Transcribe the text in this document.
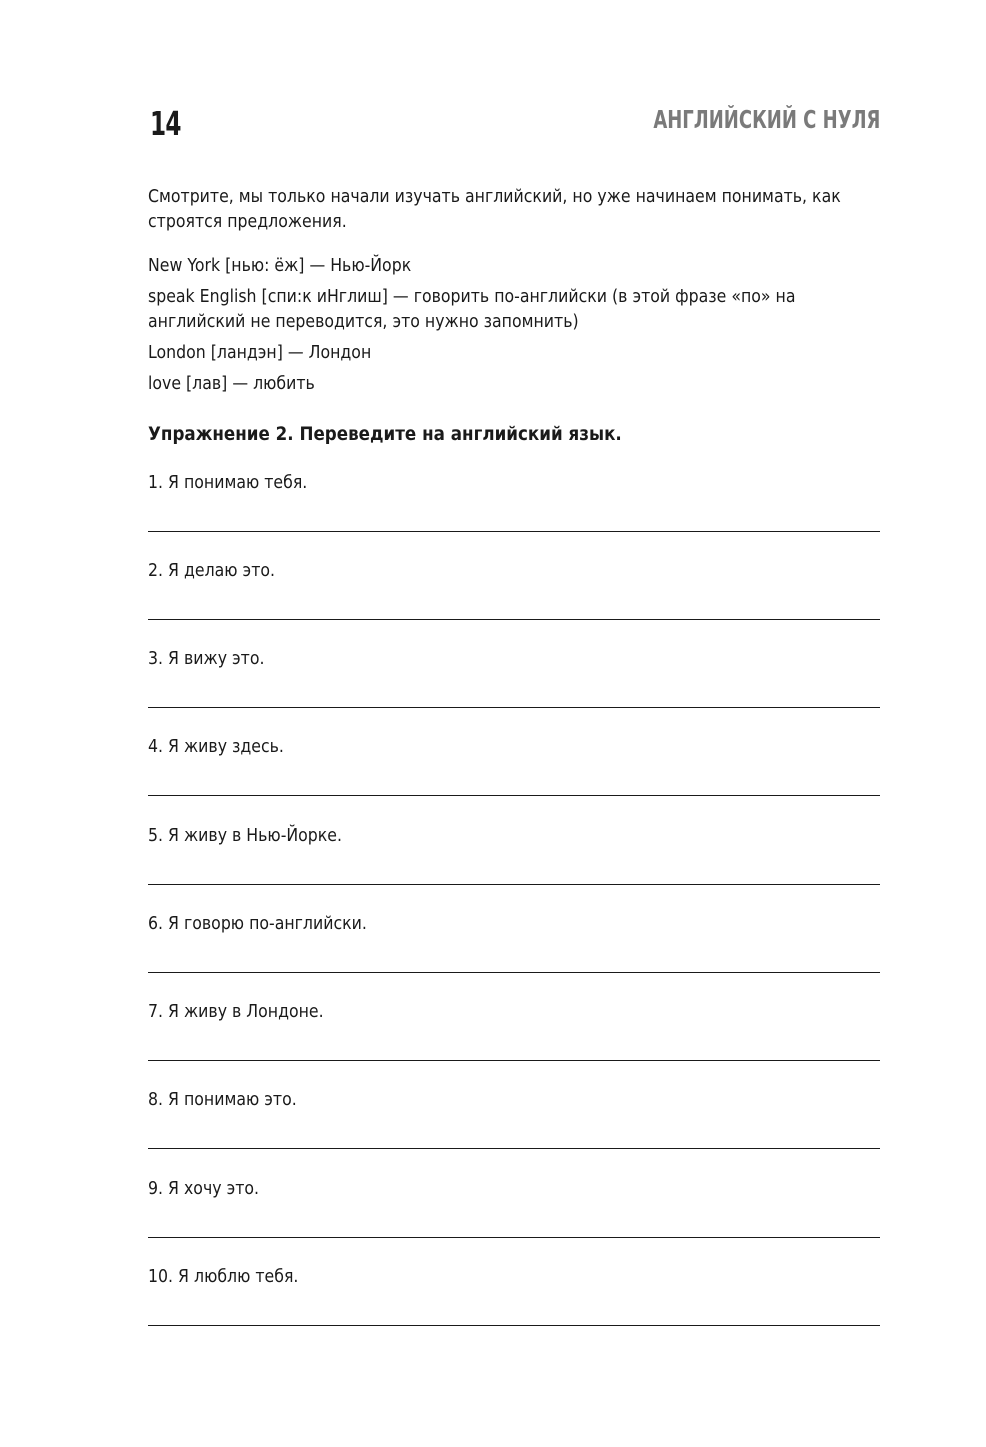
14	АНГЛИЙСКИЙ С НУЛЯ
Смотрите, мы только начали изучать английский, но уже начинаем понимать, как строятся предложения.
New York [нью: ёж] — Нью-Йорк
speak English [спи:к иНглиш] — говорить по-английски (в этой фразе «по» на английский не переводится, это нужно запомнить)
London [ландэн] — Лондон
love [лав] — любить
Упражнение 2. Переведите на английский язык.
1. Я понимаю тебя.
2. Я делаю это.
3. Я вижу это.
4. Я живу здесь.
5. Я живу в Нью-Йорке.
6. Я говорю по-английски.
7. Я живу в Лондоне.
8. Я понимаю это.
9. Я хочу это.
10. Я люблю тебя.
